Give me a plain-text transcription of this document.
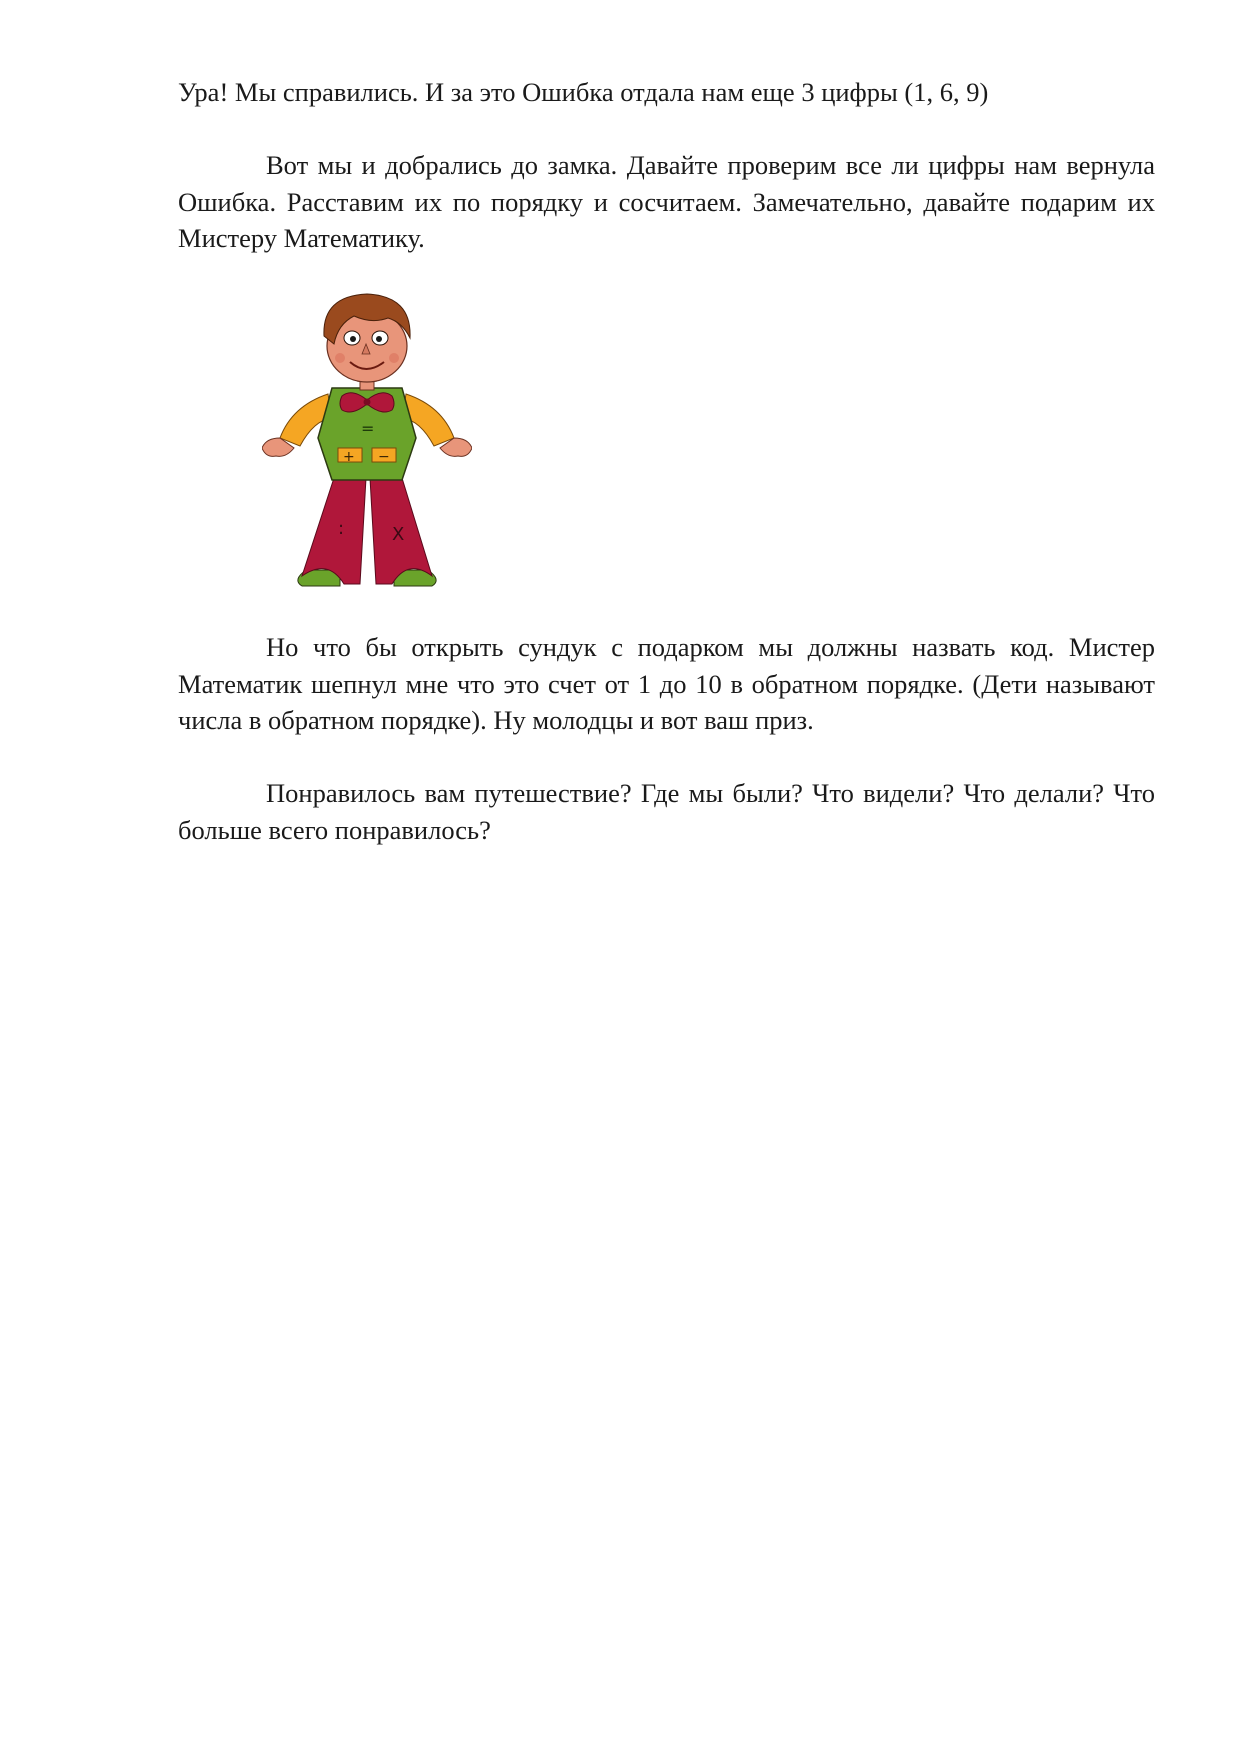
Ура! Мы справились. И за это Ошибка отдала нам еще 3 цифры (1, 6, 9)

Вот мы и добрались до замка. Давайте проверим все ли цифры нам вернула Ошибка. Расставим их по порядку и сосчитаем. Замечательно, давайте подарим их Мистеру Математику.

:	X
=
+ −

Но что бы открыть сундук с подарком мы должны назвать код. Мистер Математик шепнул мне что это счет от 1 до 10 в обратном порядке. (Дети называют числа в обратном порядке). Ну молодцы и вот ваш приз.

Понравилось вам путешествие? Где мы были? Что видели? Что делали? Что больше всего понравилось?
